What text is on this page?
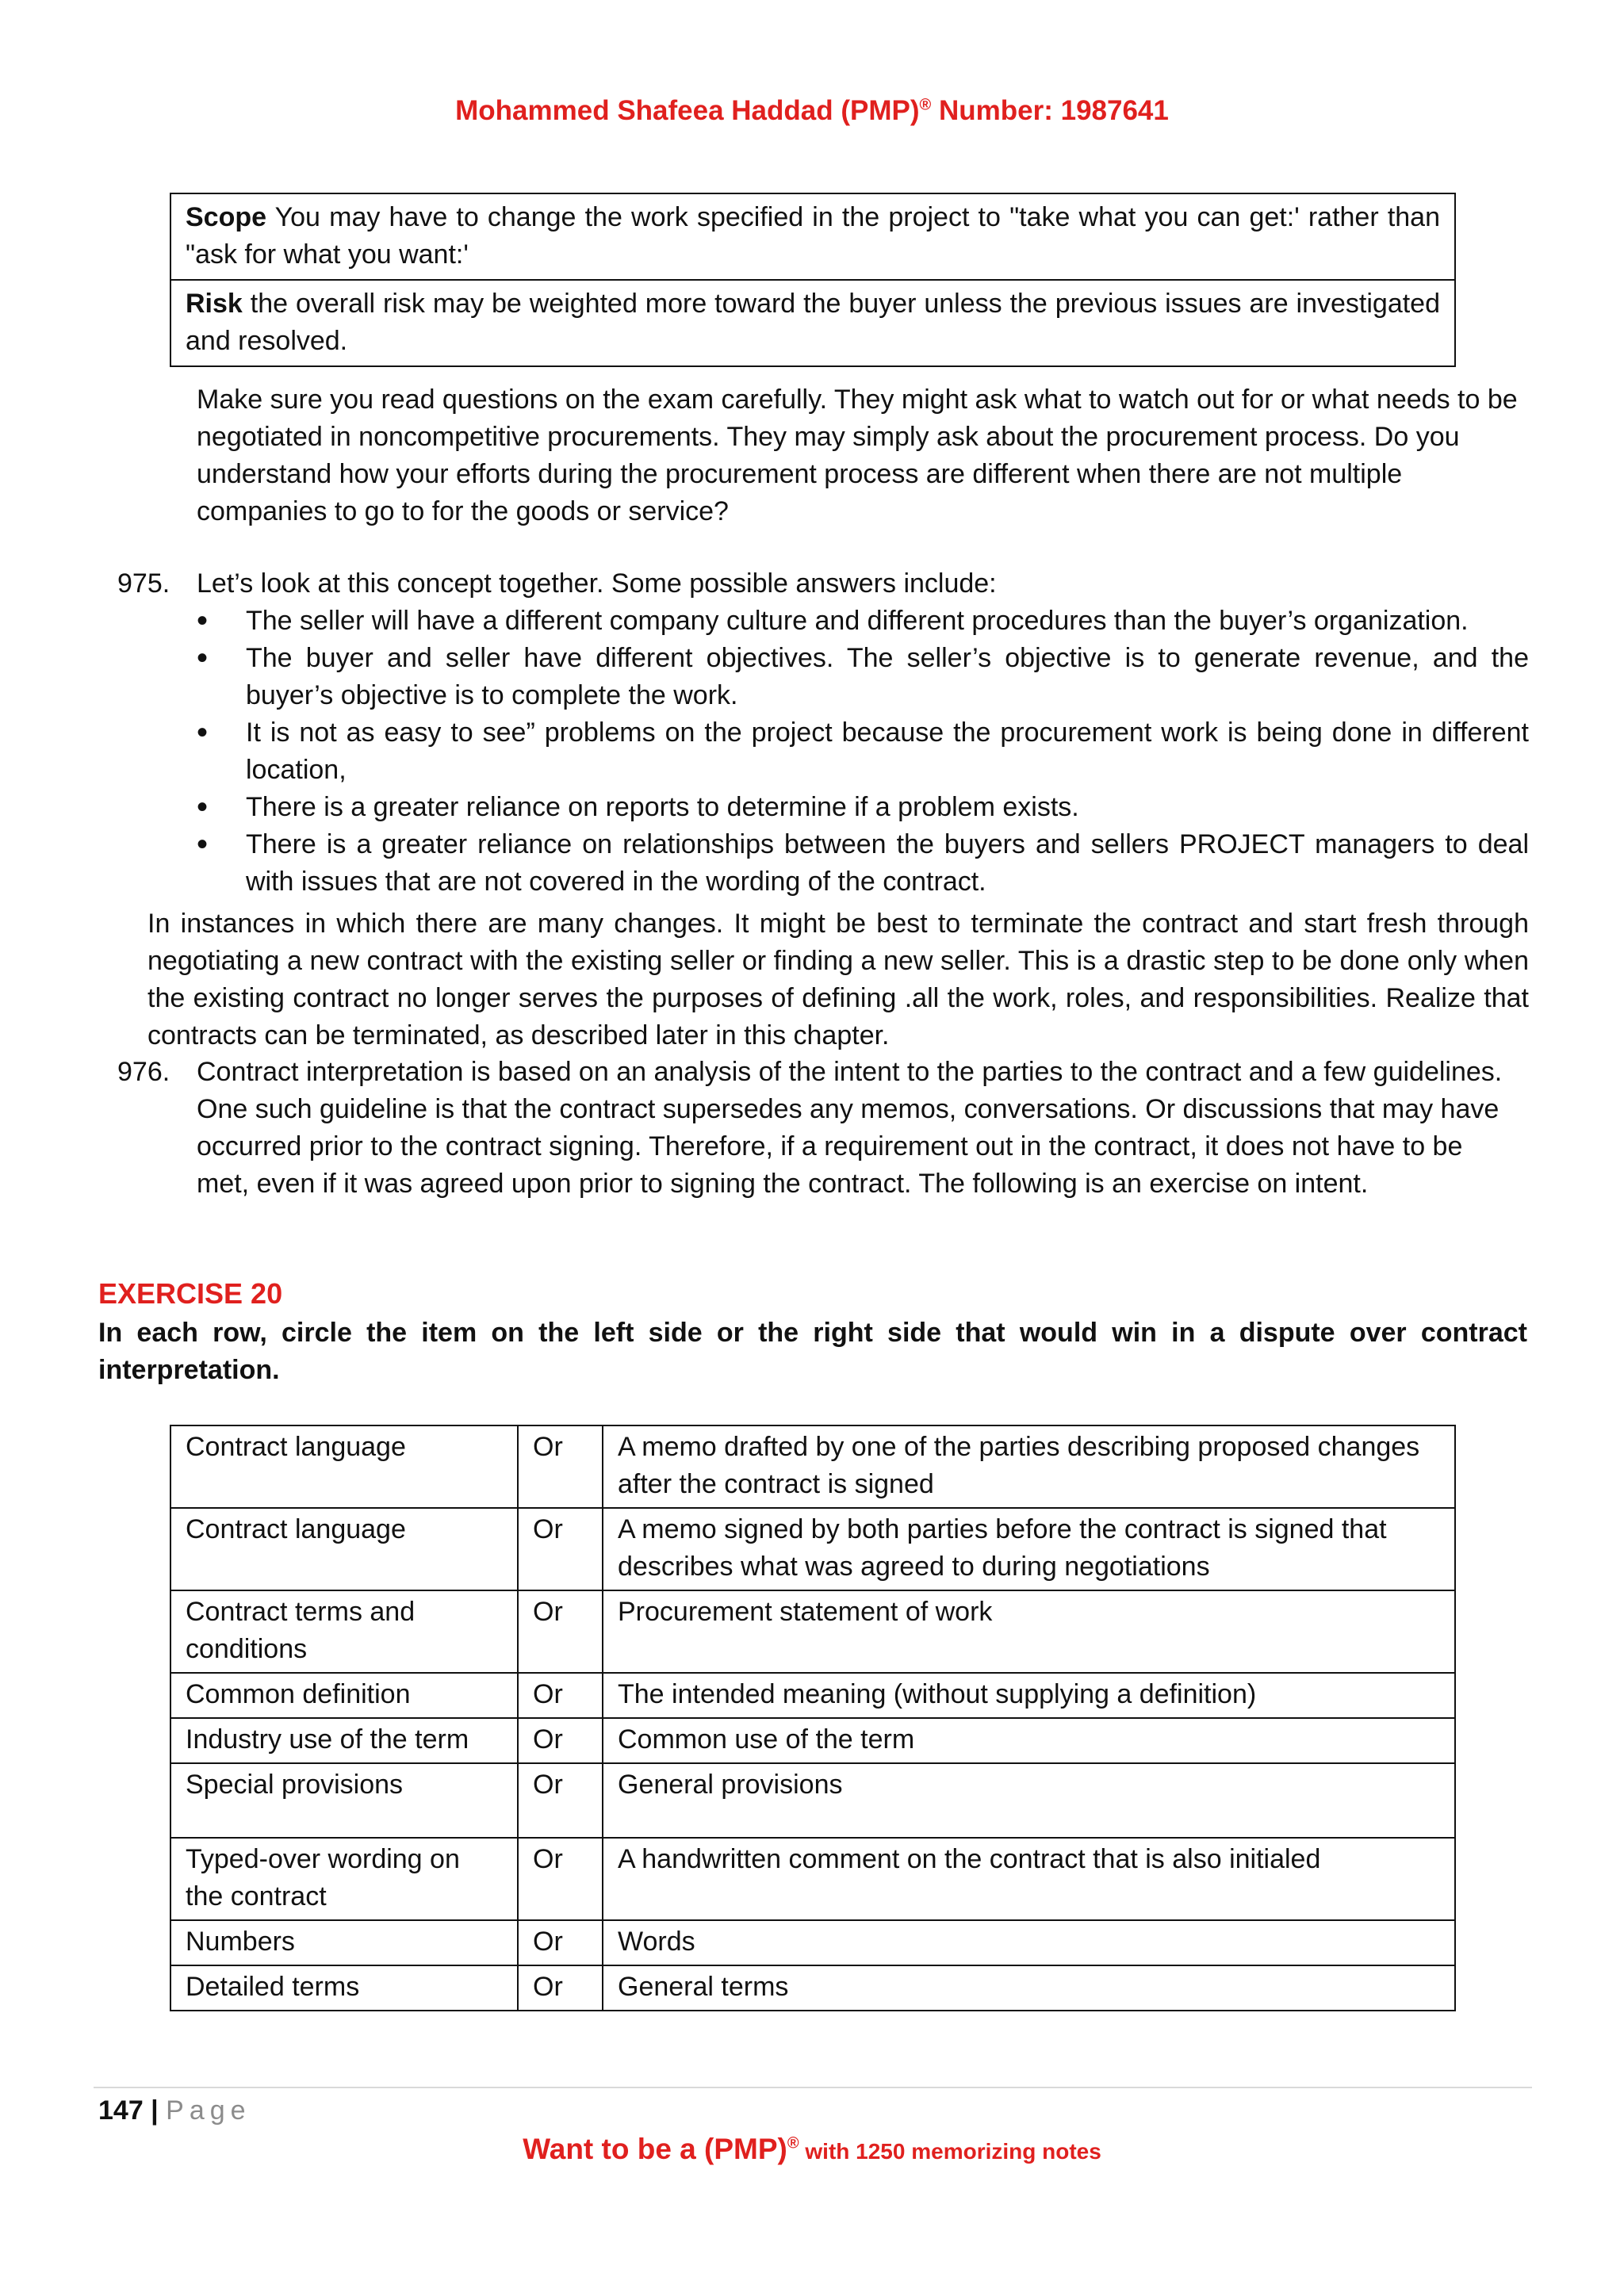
Mohammed Shafeea Haddad (PMP)® Number: 1987641
Scope You may have to change the work specified in the project to "take what you can get:' rather than "ask for what you want:'
Risk the overall risk may be weighted more toward the buyer unless the previous issues are investigated and resolved.
Make sure you read questions on the exam carefully. They might ask what to watch out for or what needs to be negotiated in noncompetitive procurements. They may simply ask about the procurement process. Do you understand how your efforts during the procurement process are different when there are not multiple companies to go to for the goods or service?
975. Let’s look at this concept together. Some possible answers include:
• The seller will have a different company culture and different procedures than the buyer’s organization.
• The buyer and seller have different objectives. The seller’s objective is to generate revenue, and the buyer’s objective is to complete the work.
• It is not as easy to see” problems on the project because the procurement work is being done in different location,
• There is a greater reliance on reports to determine if a problem exists.
• There is a greater reliance on relationships between the buyers and sellers PROJECT managers to deal with issues that are not covered in the wording of the contract.
In instances in which there are many changes. It might be best to terminate the contract and start fresh through negotiating a new contract with the existing seller or finding a new seller. This is a drastic step to be done only when the existing contract no longer serves the purposes of defining .all the work, roles, and responsibilities. Realize that contracts can be terminated, as described later in this chapter.
976. Contract interpretation is based on an analysis of the intent to the parties to the contract and a few guidelines. One such guideline is that the contract supersedes any memos, conversations. Or discussions that may have occurred prior to the contract signing. Therefore, if a requirement out in the contract, it does not have to be met, even if it was agreed upon prior to signing the contract. The following is an exercise on intent.
EXERCISE 20
In each row, circle the item on the left side or the right side that would win in a dispute over contract interpretation.
Contract language	Or	A memo drafted by one of the parties describing proposed changes after the contract is signed
Contract language	Or	A memo signed by both parties before the contract is signed that describes what was agreed to during negotiations
Contract terms and conditions	Or	Procurement statement of work
Common definition	Or	The intended meaning (without supplying a definition)
Industry use of the term	Or	Common use of the term
Special provisions	Or	General provisions
Typed-over wording on the contract	Or	A handwritten comment on the contract that is also initialed
Numbers	Or	Words
Detailed terms	Or	General terms
147 | Page
Want to be a (PMP)® with 1250 memorizing notes
